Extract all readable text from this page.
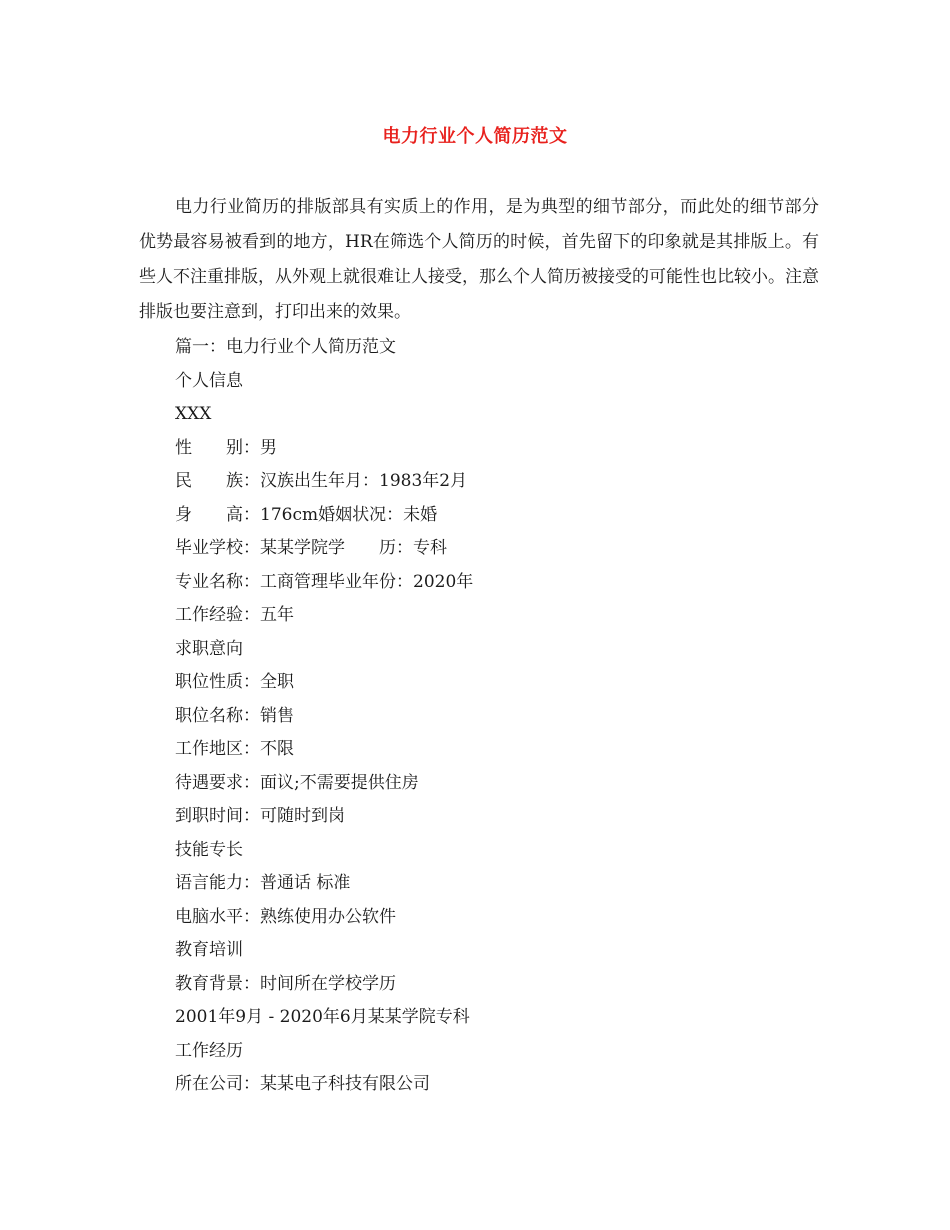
电力行业个人简历范文

电力行业简历的排版部具有实质上的作用，是为典型的细节部分，而此处的细节部分优势最容易被看到的地方，HR在筛选个人简历的时候，首先留下的印象就是其排版上。有些人不注重排版，从外观上就很难让人接受，那么个人简历被接受的可能性也比较小。注意排版也要注意到，打印出来的效果。

篇一：电力行业个人简历范文
个人信息
XXX
性　　别：男
民　　族：汉族出生年月：1983年2月
身　　高：176cm婚姻状况：未婚
毕业学校：某某学院学　　历：专科
专业名称：工商管理毕业年份：2020年
工作经验：五年
求职意向
职位性质：全职
职位名称：销售
工作地区：不限
待遇要求：面议;不需要提供住房
到职时间：可随时到岗
技能专长
语言能力：普通话 标准
电脑水平：熟练使用办公软件
教育培训
教育背景：时间所在学校学历
2001年9月 - 2020年6月某某学院专科
工作经历
所在公司：某某电子科技有限公司
